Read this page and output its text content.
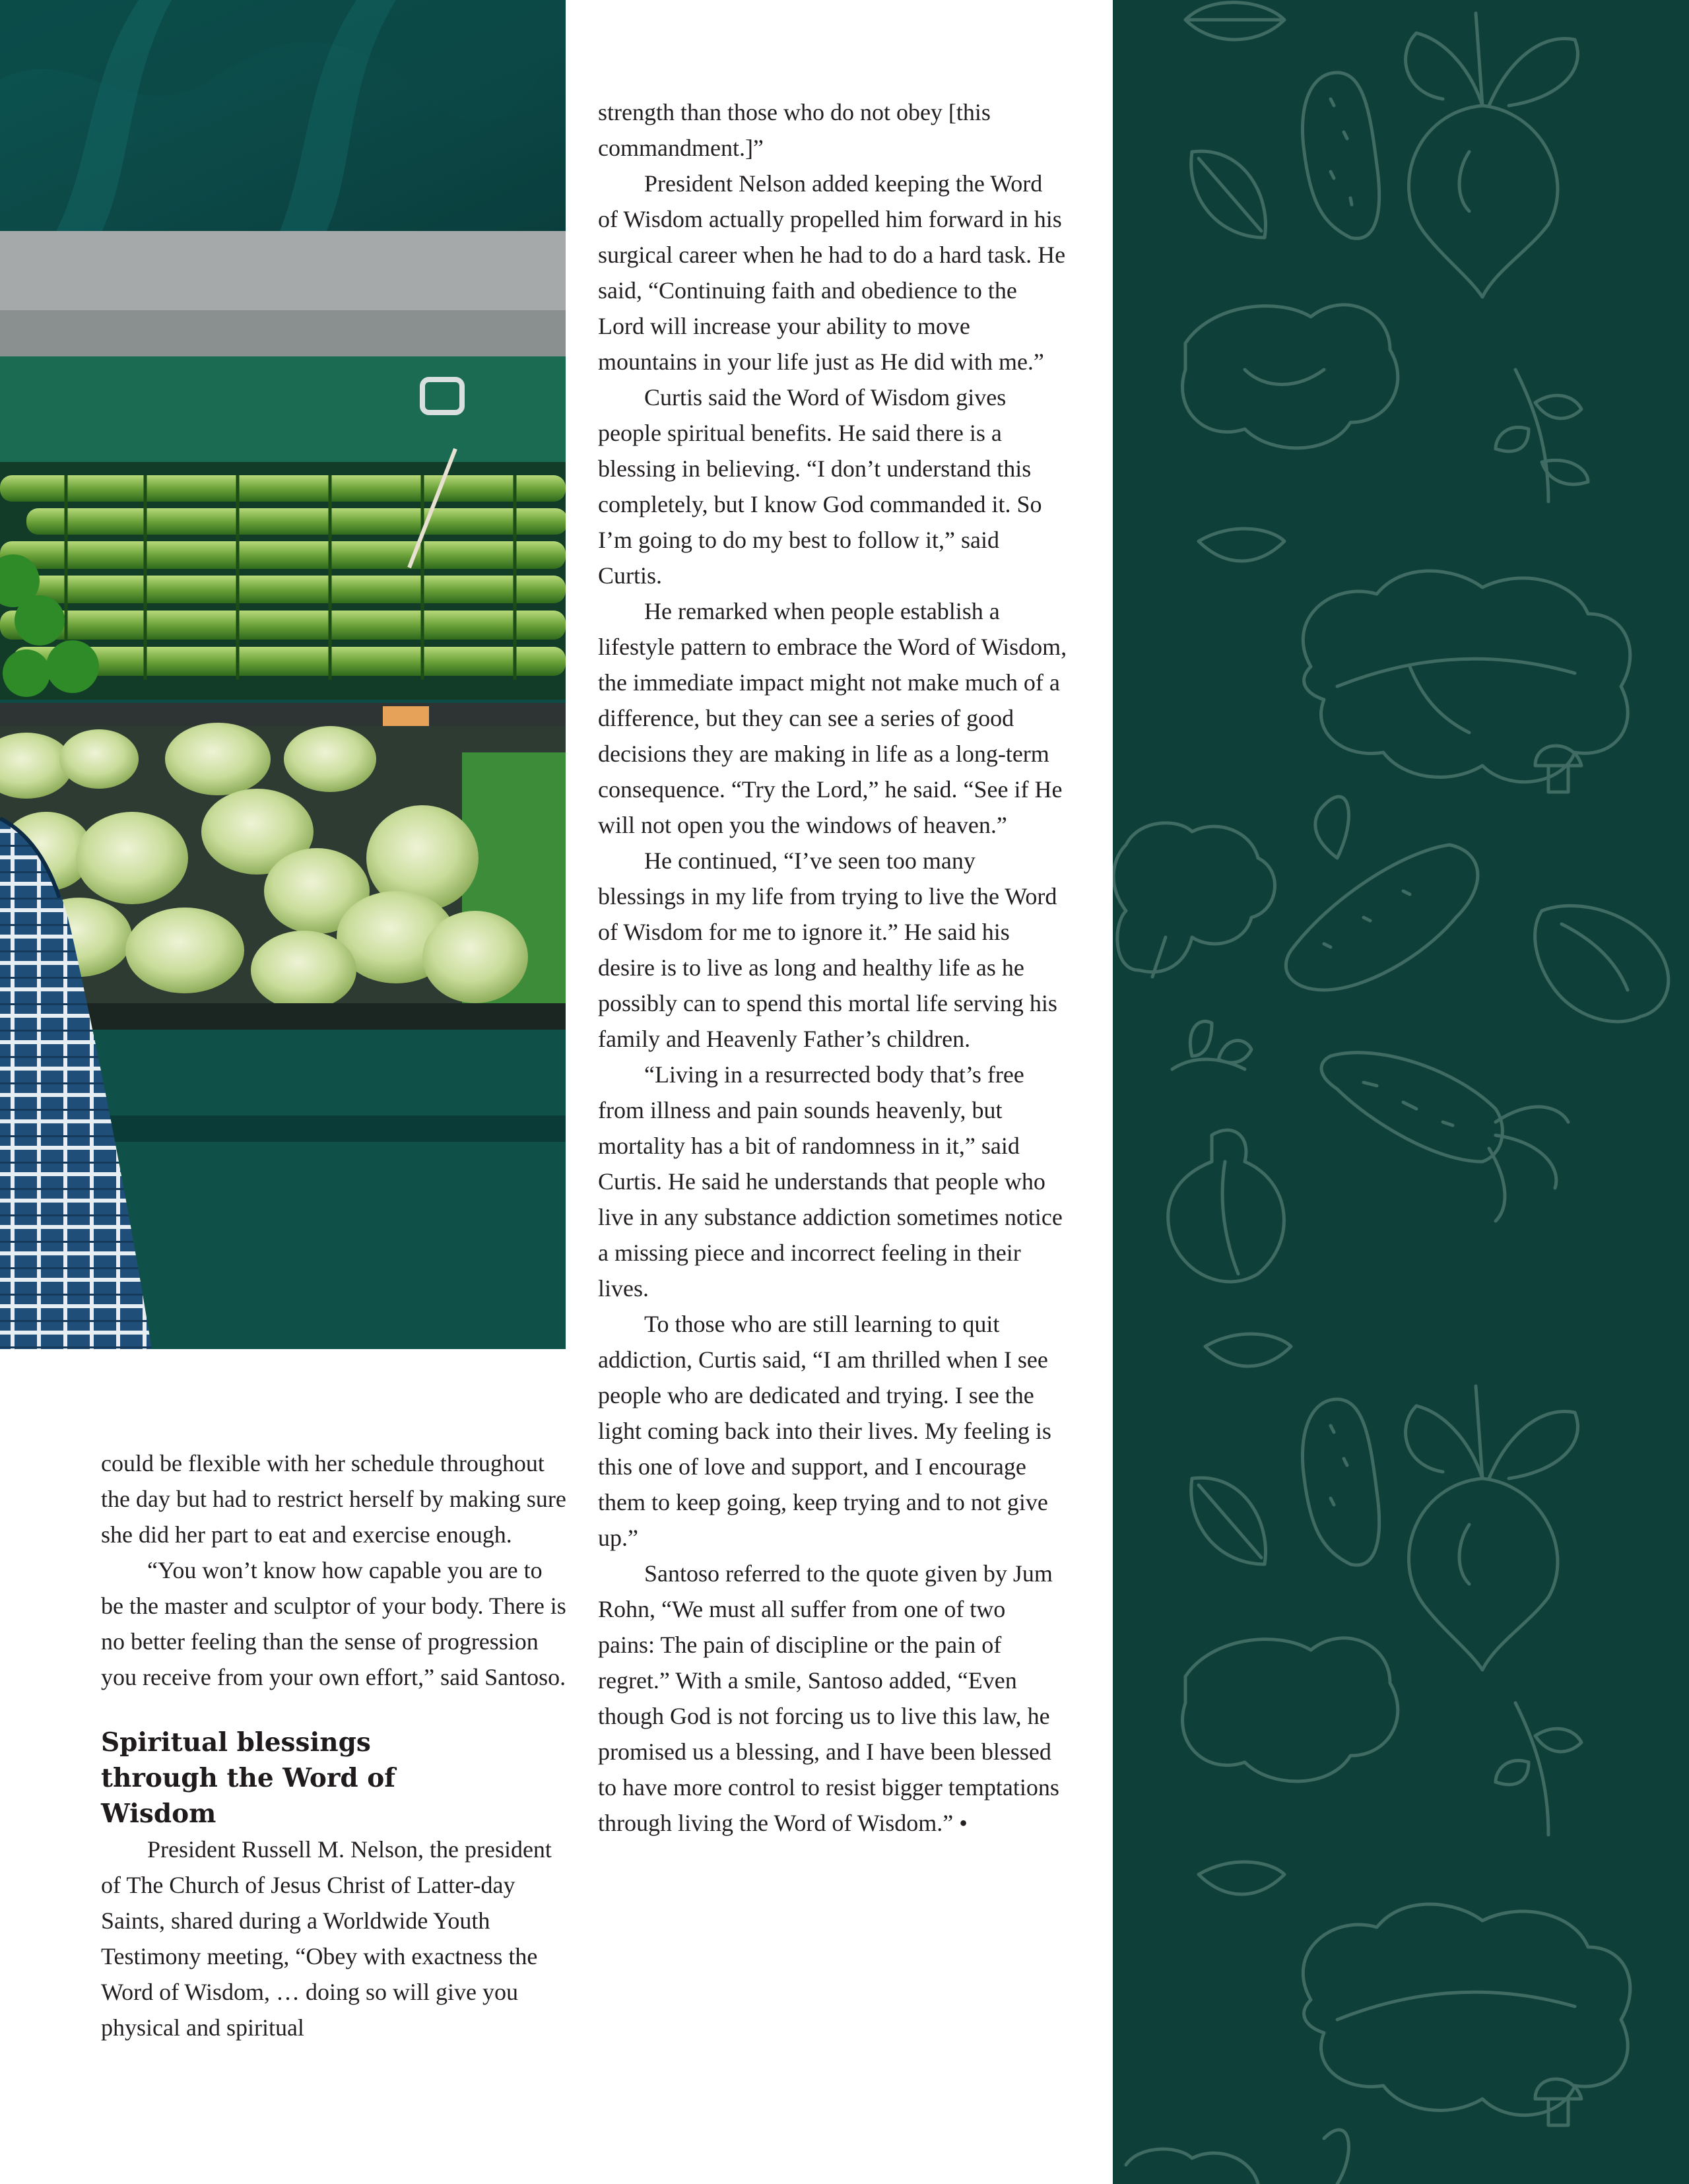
could be flexible with her schedule throughout the day but had to restrict herself by making sure she did her part to eat and exercise enough.

“You won’t know how capable you are to be the master and sculptor of your body. There is no better feeling than the sense of progression you receive from your own effort,” said Santoso.

Spiritual blessings through the Word of Wisdom

President Russell M. Nelson, the president of The Church of Jesus Christ of Latter-day Saints, shared during a Worldwide Youth Testimony meeting, “Obey with exactness the Word of Wisdom, … doing so will give you physical and spiritual

strength than those who do not obey [this commandment.]”

President Nelson added keeping the Word of Wisdom actually propelled him forward in his surgical career when he had to do a hard task. He said, “Continuing faith and obedience to the Lord will increase your ability to move mountains in your life just as He did with me.”

Curtis said the Word of Wisdom gives people spiritual benefits. He said there is a blessing in believing. “I don’t understand this completely, but I know God commanded it. So I’m going to do my best to follow it,” said Curtis.

He remarked when people establish a lifestyle pattern to embrace the Word of Wisdom, the immediate impact might not make much of a difference, but they can see a series of good decisions they are making in life as a long-term consequence. “Try the Lord,” he said. “See if He will not open you the windows of heaven.”

He continued, “I’ve seen too many blessings in my life from trying to live the Word of Wisdom for me to ignore it.” He said his desire is to live as long and healthy life as he possibly can to spend this mortal life serving his family and Heavenly Father’s children.

“Living in a resurrected body that’s free from illness and pain sounds heavenly, but mortality has a bit of randomness in it,” said Curtis. He said he understands that people who live in any substance addiction sometimes notice a missing piece and incorrect feeling in their lives.

To those who are still learning to quit addiction, Curtis said, “I am thrilled when I see people who are dedicated and trying. I see the light coming back into their lives. My feeling is this one of love and support, and I encourage them to keep going, keep trying and to not give up.”

Santoso referred to the quote given by Jum Rohn, “We must all suffer from one of two pains: The pain of discipline or the pain of regret.” With a smile, Santoso added, “Even though God is not forcing us to live this law, he promised us a blessing, and I have been blessed to have more control to resist bigger temptations through living the Word of Wisdom.” •
